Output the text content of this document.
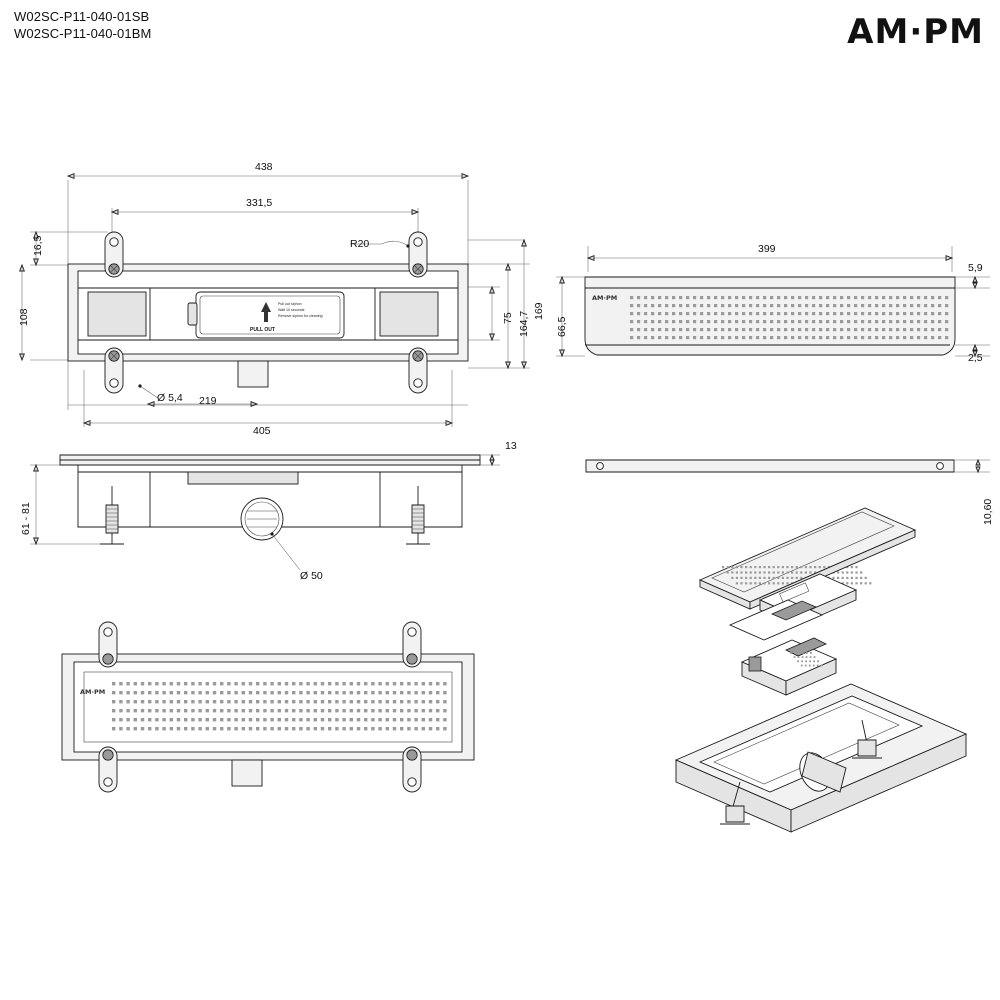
W02SC-P11-040-01SB
W02SC-P11-040-01BM	AM·PM
Pull out siphon
Wait 10 seconds
Remove siphon for cleaning
PULL OUT
AM·PM
AM·PM
438
331,5
16,5
108
219
405
R20
Ø 5,4
169
164,7
75	66,5
399
5,9
2,5
13
61 - 81
Ø 50
10,60
